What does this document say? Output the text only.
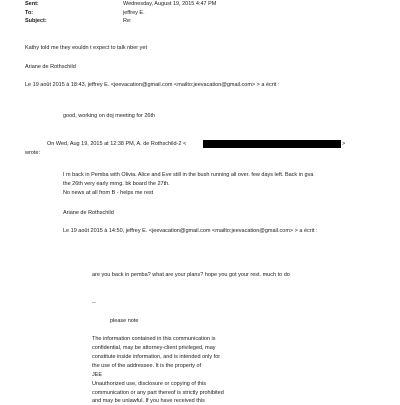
Sent:	Wednesday, August 19, 2015 4:47 PM
To:	jeffrey E.
Subject:	Re:
Kathy told me they eouldn t expect to talk nber yet
Ariane de Rothschild
Le 19 août 2015 à 18:43, jeffrey E. <jeevacation@gmail.com <mailto:jeevacation@gmail.com> > a écrit :
good, working on doj meeting for 26th
On Wed, Aug 19, 2015 at 12:38 PM, A. de Rothschild-2 <	>
wrote:
I m back in Pemba with Olivia. Alice and Eve still in the bush running all over. few days left. Back in gva
the 26th very early mrng. bk board the 27th.
No news at all from B - helps me rest
Ariane de Rothschild
Le 19 août 2015 à 14:50, jeffrey E. <jeevacation@gmail.com <mailto:jeevacation@gmail.com> > a écrit :
are you back in pemba? what are your plans? hope you got your rest. much to do
--
please note
The information contained in this communication is
confidential, may be attorney-client privileged, may
constitute inside information, and is intended only for
the use of the addressee. It is the property of
JEE
Unauthorized use, disclosure or copying of this
communication or any part thereof is strictly prohibited
and may be unlawful. If you have received this
